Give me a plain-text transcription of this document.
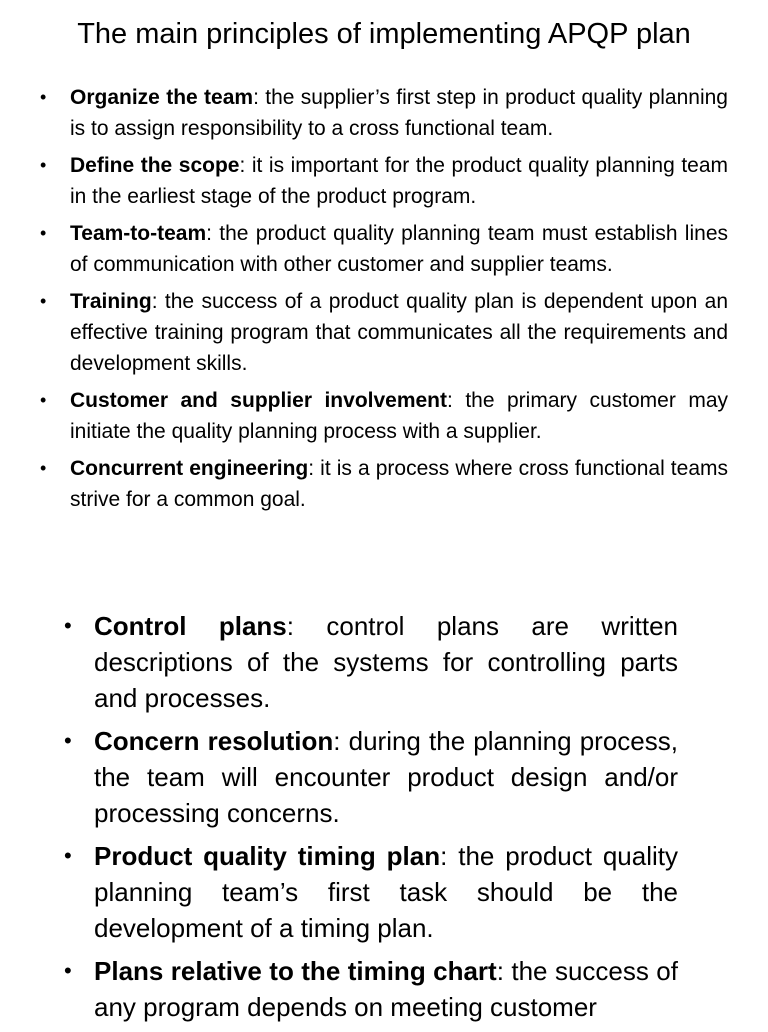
The main principles of implementing APQP plan
• Organize the team: the supplier’s first step in product quality planning is to assign responsibility to a cross functional team.
• Define the scope: it is important for the product quality planning team in the earliest stage of the product program.
• Team-to-team: the product quality planning team must establish lines of communication with other customer and supplier teams.
• Training: the success of a product quality plan is dependent upon an effective training program that communicates all the requirements and development skills.
• Customer and supplier involvement: the primary customer may initiate the quality planning process with a supplier.
• Concurrent engineering: it is a process where cross functional teams strive for a common goal.
• Control plans: control plans are written descriptions of the systems for controlling parts and processes.
• Concern resolution: during the planning process, the team will encounter product design and/or processing concerns.
• Product quality timing plan: the product quality planning team’s first task should be the development of a timing plan.
• Plans relative to the timing chart: the success of any program depends on meeting customer
